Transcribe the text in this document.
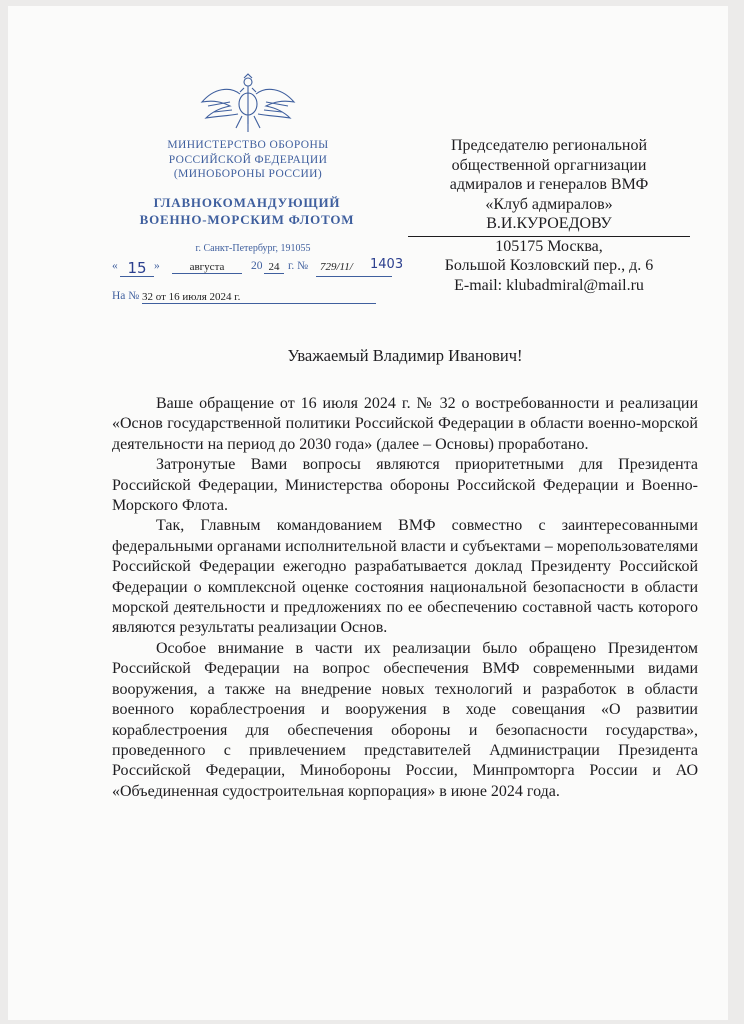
МИНИСТЕРСТВО ОБОРОНЫ
РОССИЙСКОЙ ФЕДЕРАЦИИ
(МИНОБОРОНЫ РОССИИ)
ГЛАВНОКОМАНДУЮЩИЙ
ВОЕННО-МОРСКИМ ФЛОТОМ
г. Санкт-Петербург, 191055
« 15 »	августа	20 24 г. № 729/11/ 1403
На № 32 от 16 июля 2024 г.
Председателю региональной
общественной оргагнизации
адмиралов и генералов ВМФ
«Клуб адмиралов»
В.И.КУРОЕДОВУ
105175 Москва,
Большой Козловский пер., д. 6
E-mail: klubadmiral@mail.ru
Уважаемый Владимир Иванович!

Ваше обращение от 16 июля 2024 г. № 32 о востребованности и реализации «Основ государственной политики Российской Федерации в области военно-морской деятельности на период до 2030 года» (далее – Основы) проработано.

Затронутые Вами вопросы являются приоритетными для Президента Российской Федерации, Министерства обороны Российской Федерации и Военно-Морского Флота.

Так, Главным командованием ВМФ совместно с заинтересованными федеральными органами исполнительной власти и субъектами – морепользователями Российской Федерации ежегодно разрабатывается доклад Президенту Российской Федерации о комплексной оценке состояния национальной безопасности в области морской деятельности и предложениях по ее обеспечению составной часть которого являются результаты реализации Основ.

Особое внимание в части их реализации было обращено Президентом Российской Федерации на вопрос обеспечения ВМФ современными видами вооружения, а также на внедрение новых технологий и разработок в области военного кораблестроения и вооружения в ходе совещания «О развитии кораблестроения для обеспечения обороны и безопасности государства», проведенного с привлечением представителей Администрации Президента Российской Федерации, Минобороны России, Минпромторга России и АО «Объединенная судостроительная корпорация» в июне 2024 года.
